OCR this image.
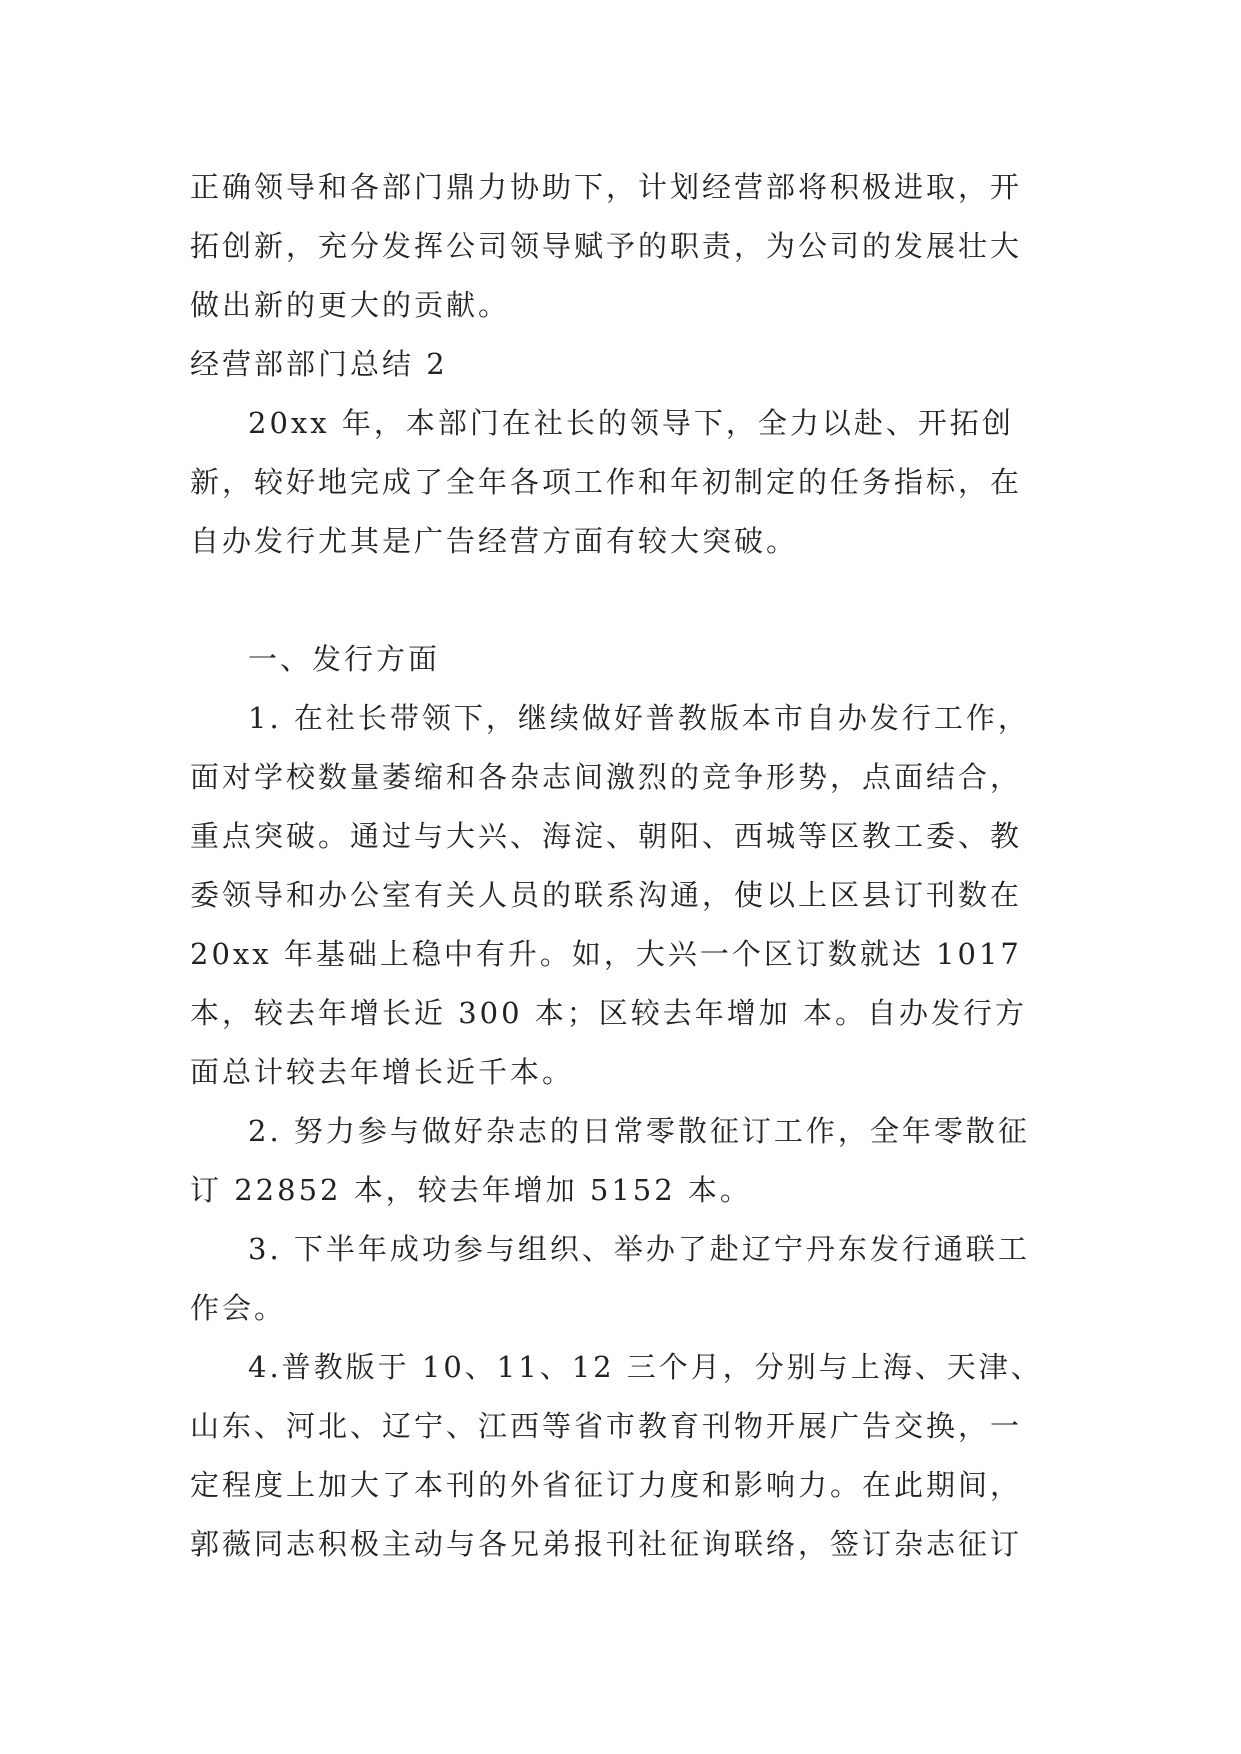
正确领导和各部门鼎力协助下，计划经营部将积极进取，开拓创新，充分发挥公司领导赋予的职责，为公司的发展壮大做出新的更大的贡献。

经营部部门总结 2

20xx 年，本部门在社长的领导下，全力以赴、开拓创新，较好地完成了全年各项工作和年初制定的任务指标，在自办发行尤其是广告经营方面有较大突破。

一、发行方面

1. 在社长带领下，继续做好普教版本市自办发行工作，面对学校数量萎缩和各杂志间激烈的竞争形势，点面结合，重点突破。通过与大兴、海淀、朝阳、西城等区教工委、教委领导和办公室有关人员的联系沟通，使以上区县订刊数在 20xx 年基础上稳中有升。如，大兴一个区订数就达 1017 本，较去年增长近 300 本；区较去年增加 本。自办发行方面总计较去年增长近千本。

2. 努力参与做好杂志的日常零散征订工作，全年零散征订 22852 本，较去年增加 5152 本。

3. 下半年成功参与组织、举办了赴辽宁丹东发行通联工作会。

4.普教版于 10、11、12 三个月，分别与上海、天津、山东、河北、辽宁、江西等省市教育刊物开展广告交换，一定程度上加大了本刊的外省征订力度和影响力。在此期间，郭薇同志积极主动与各兄弟报刊社征询联络，签订杂志征订
